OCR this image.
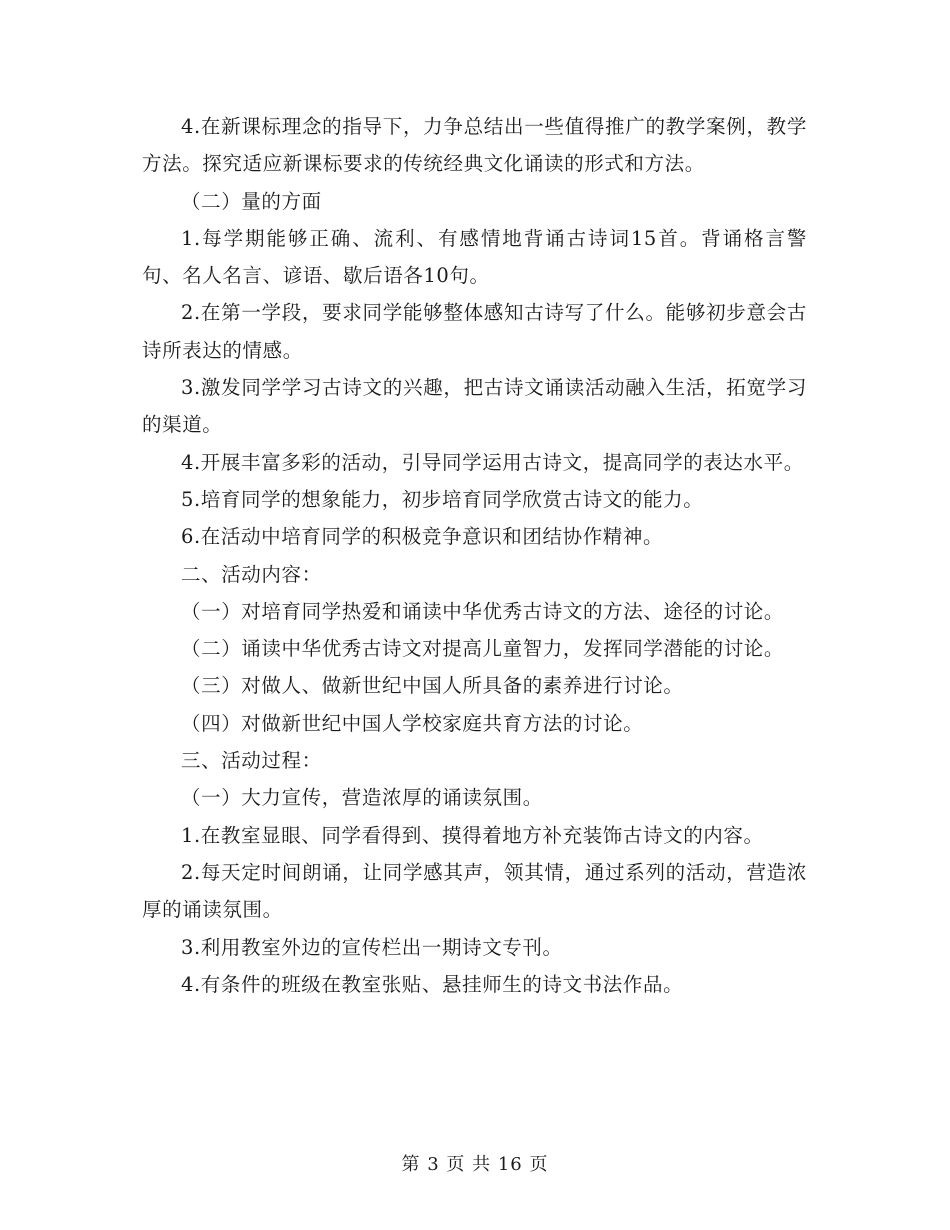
4.在新课标理念的指导下，力争总结出一些值得推广的教学案例，教学方法。探究适应新课标要求的传统经典文化诵读的形式和方法。

（二）量的方面

1.每学期能够正确、流利、有感情地背诵古诗词15首。背诵格言警句、名人名言、谚语、歇后语各10句。

2.在第一学段，要求同学能够整体感知古诗写了什么。能够初步意会古诗所表达的情感。

3.激发同学学习古诗文的兴趣，把古诗文诵读活动融入生活，拓宽学习的渠道。

4.开展丰富多彩的活动，引导同学运用古诗文，提高同学的表达水平。

5.培育同学的想象能力，初步培育同学欣赏古诗文的能力。

6.在活动中培育同学的积极竞争意识和团结协作精神。

二、活动内容：

（一）对培育同学热爱和诵读中华优秀古诗文的方法、途径的讨论。

（二）诵读中华优秀古诗文对提高儿童智力，发挥同学潜能的讨论。

（三）对做人、做新世纪中国人所具备的素养进行讨论。

（四）对做新世纪中国人学校家庭共育方法的讨论。

三、活动过程：

（一）大力宣传，营造浓厚的诵读氛围。

1.在教室显眼、同学看得到、摸得着地方补充装饰古诗文的内容。

2.每天定时间朗诵，让同学感其声，领其情，通过系列的活动，营造浓厚的诵读氛围。

3.利用教室外边的宣传栏出一期诗文专刊。

4.有条件的班级在教室张贴、悬挂师生的诗文书法作品。

第 3 页 共 16 页
